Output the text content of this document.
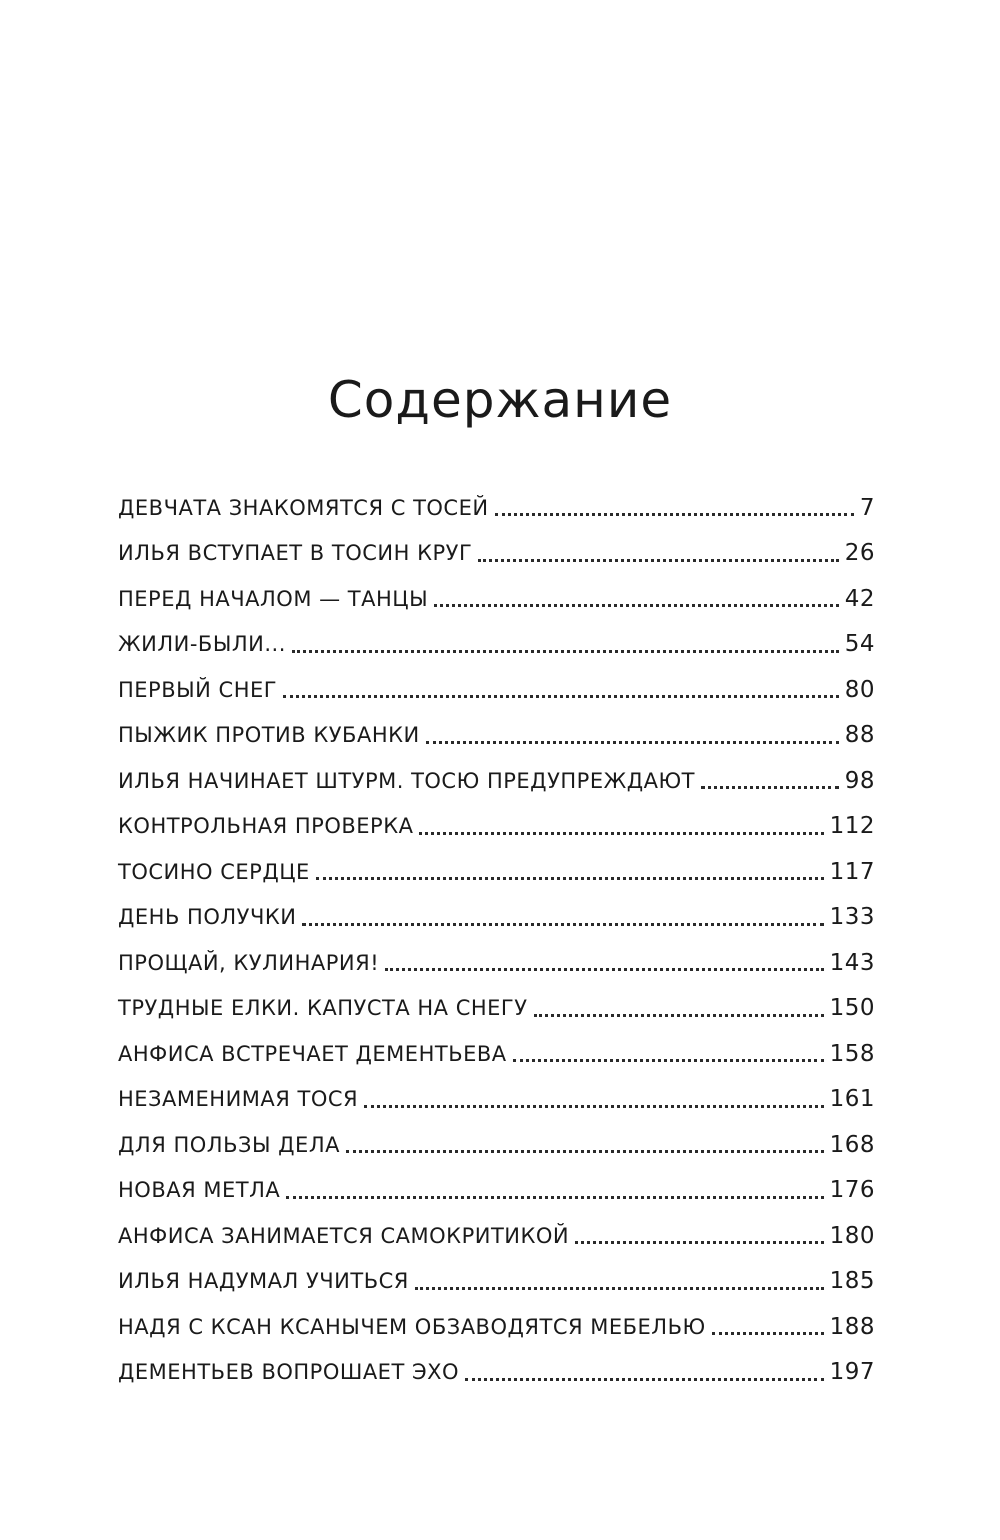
Содержание
ДЕВЧАТА ЗНАКОМЯТСЯ С ТОСЕЙ	7
ИЛЬЯ ВСТУПАЕТ В ТОСИН КРУГ	26
ПЕРЕД НАЧАЛОМ — ТАНЦЫ	42
ЖИЛИ-БЫЛИ...	54
ПЕРВЫЙ СНЕГ	80
ПЫЖИК ПРОТИВ КУБАНКИ	88
ИЛЬЯ НАЧИНАЕТ ШТУРМ. ТОСЮ ПРЕДУПРЕЖДАЮТ	98
КОНТРОЛЬНАЯ ПРОВЕРКА	112
ТОСИНО СЕРДЦЕ	117
ДЕНЬ ПОЛУЧКИ	133
ПРОЩАЙ, КУЛИНАРИЯ!	143
ТРУДНЫЕ ЕЛКИ. КАПУСТА НА СНЕГУ	150
АНФИСА ВСТРЕЧАЕТ ДЕМЕНТЬЕВА	158
НЕЗАМЕНИМАЯ ТОСЯ	161
ДЛЯ ПОЛЬЗЫ ДЕЛА	168
НОВАЯ МЕТЛА	176
АНФИСА ЗАНИМАЕТСЯ САМОКРИТИКОЙ	180
ИЛЬЯ НАДУМАЛ УЧИТЬСЯ	185
НАДЯ С КСАН КСАНЫЧЕМ ОБЗАВОДЯТСЯ МЕБЕЛЬЮ	188
ДЕМЕНТЬЕВ ВОПРОШАЕТ ЭХО	197
